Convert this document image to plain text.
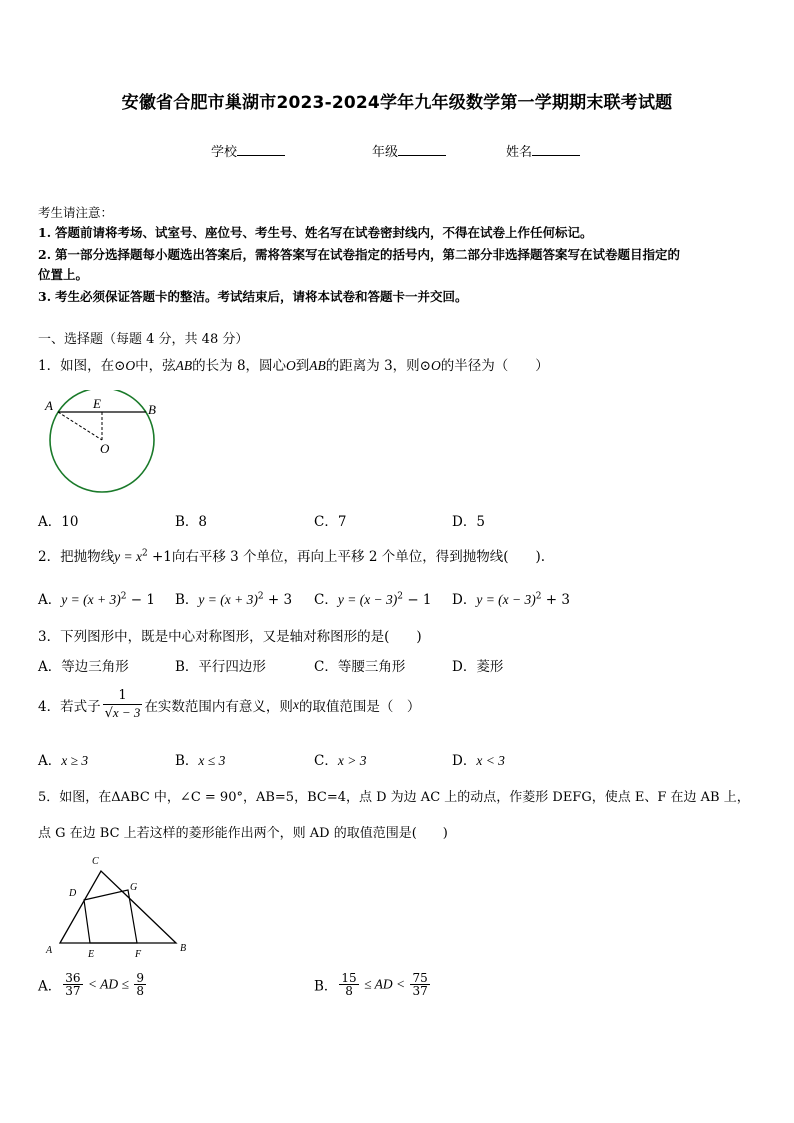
安徽省合肥市巢湖市2023-2024学年九年级数学第一学期期末联考试题
学校	年级	姓名
考生请注意：
1. 答题前请将考场、试室号、座位号、考生号、姓名写在试卷密封线内，不得在试卷上作任何标记。
2. 第一部分选择题每小题选出答案后，需将答案写在试卷指定的括号内，第二部分非选择题答案写在试卷题目指定的
位置上。
3. 考生必须保证答题卡的整洁。考试结束后，请将本试卷和答题卡一并交回。
一、选择题（每题 4 分，共 48 分）
1．如图，在⊙O中，弦AB的长为 8，圆心O到AB的距离为 3，则⊙O的半径为（　　）
A	E	B
O
A．10	B．8	C．7	D．5
2．把抛物线$y = x^2 +1$向右平移 3 个单位，再向上平移 2 个单位，得到抛物线(　　).
A．$y = (x + 3)^2 - 1$ B．$y = (x + 3)^2 + 3$ C．$y = (x - 3)^2 - 1$ D．$y = (x - 3)^2 + 3$
3．下列图形中，既是中心对称图形，又是轴对称图形的是(　　)
A．等边三角形	B．平行四边形	C．等腰三角形	D．菱形
4．若式子 $\frac{1}{√x - 3}$ 在实数范围内有意义，则x的取值范围是（　）
A．x ≥ 3	B．x ≤ 3	C．x > 3	D．x < 3
5．如图，在ΔABC 中，∠C = 90°，AB=5，BC=4，点 D 为边 AC 上的动点，作菱形 DEFG，使点 E、F 在边 AB 上，
点 G 在边 BC 上若这样的菱形能作出两个，则 AD 的取值范围是(　　)
C
D
G
A	E	F
B
A． $\frac{36}{37}$ < AD ≤ $\frac{9}{8}$	B． $\frac{15}{8}$ ≤ AD < $\frac{75}{37}$
